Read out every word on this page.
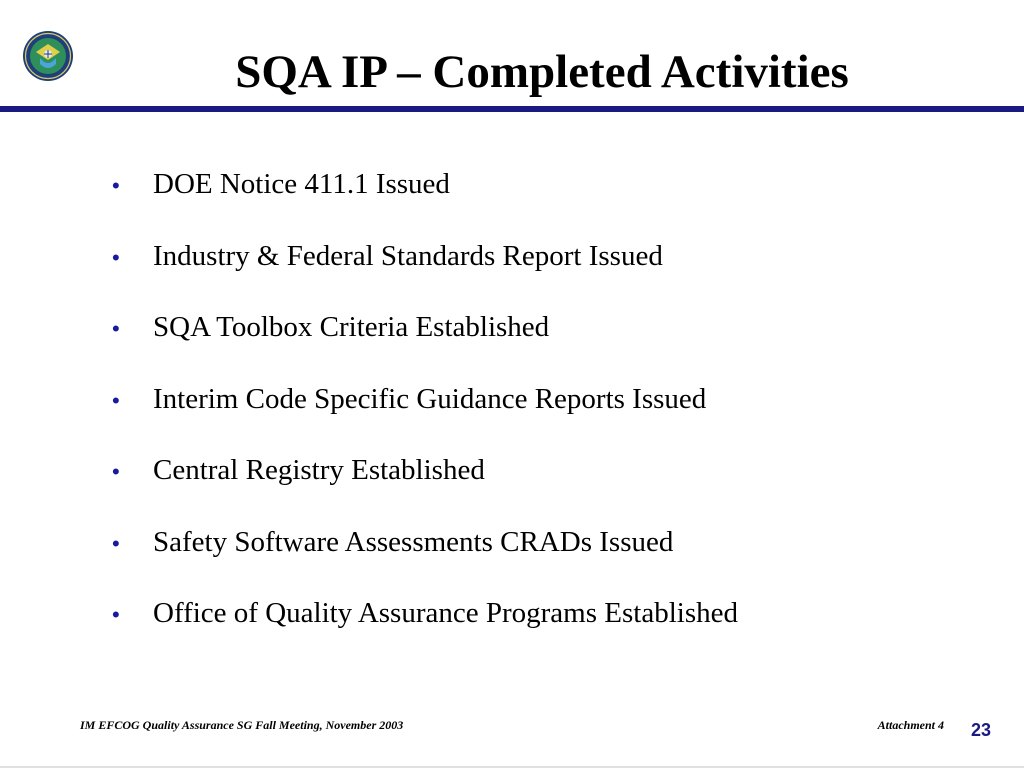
SQA IP – Completed Activities
•	DOE Notice 411.1 Issued
•	Industry & Federal Standards Report Issued
•	SQA Toolbox Criteria Established
•	Interim Code Specific Guidance Reports Issued
•	Central Registry Established
•	Safety Software Assessments CRADs Issued
•	Office of Quality Assurance Programs Established
IM EFCOG Quality Assurance SG Fall Meeting, November 2003	Attachment 4 23
